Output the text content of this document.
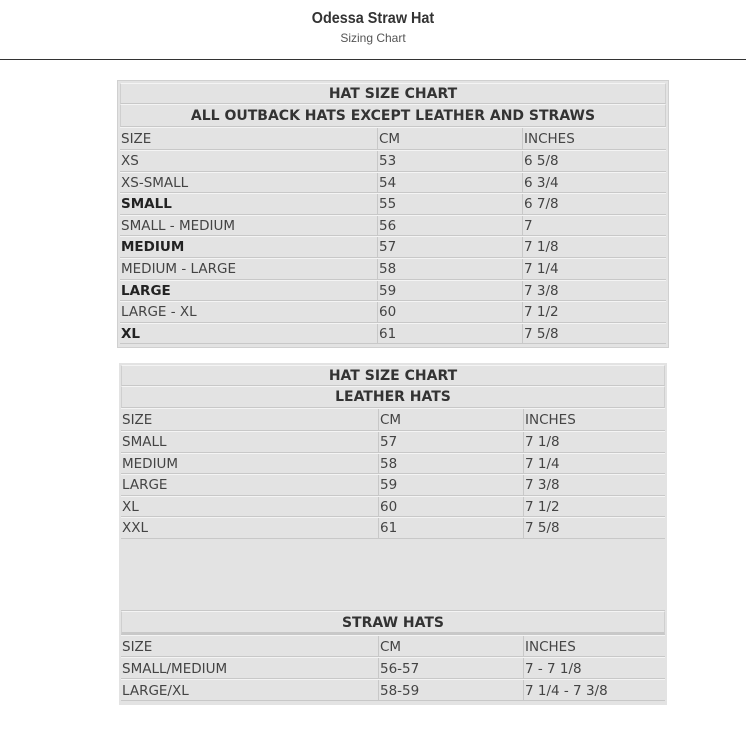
Odessa Straw Hat
Sizing Chart
HAT SIZE CHART
ALL OUTBACK HATS EXCEPT LEATHER AND STRAWS
SIZE	CM	INCHES
XS	53	6 5/8
XS-SMALL	54	6 3/4
SMALL	55	6 7/8
SMALL - MEDIUM	56	7
MEDIUM	57	7 1/8
MEDIUM - LARGE	58	7 1/4
LARGE	59	7 3/8
LARGE - XL	60	7 1/2
XL	61	7 5/8
HAT SIZE CHART
LEATHER HATS
SIZE	CM	INCHES
SMALL	57	7 1/8
MEDIUM	58	7 1/4
LARGE	59	7 3/8
XL	60	7 1/2
XXL	61	7 5/8
STRAW HATS
SIZE	CM	INCHES
SMALL/MEDIUM	56-57	7 - 7 1/8
LARGE/XL	58-59	7 1/4 - 7 3/8
